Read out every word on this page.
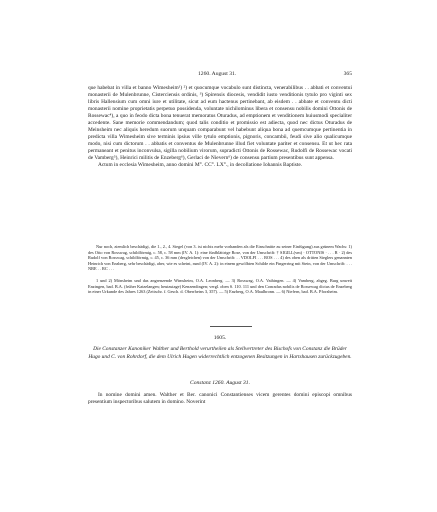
1260. August 31.	365

que habebat in villa et banno Wimesheim¹) ²) et quocumque vocabulo sunt distincta, venerabilibus . . abbati et conventui monasterii de Mulenbrunne, Cisterciensis ordinis, ³) Spirensis diocesis, vendidit iusto venditionis tytulo pro viginti sex libris Hallensium cum omni iure et utilitate, sicut ad eum hactenus pertinebant, ab eisdem . . abbate et conventu dicti monasterii nomine proprietatis perpetuo possidenda, voluntate nichilominus libera et consensu nobilis domini Ottonis de Rossewac⁴), a quo in feodo dicta bona tenuerat memoratus Oturadus, ad emptionem et venditionem huiusmodi specialiter accedente. Sane memorie commendandum; quod talis conditio et promissio est adiecta, quod nec dictus Oturadus de Meinsheim nec aliquis heredum suorum unquam comparabunt vel habebunt aliqua bona ad quemcumque pertinentia in predicta villa Wimesheim sive terminis ipsius ville tytulo emptionis, pignoris, concambii, feudi sive alio qualicumque modo, nisi cum dictorum . . abbatis et conventus de Mulenbrunne illud fiet voluntate pariter et consensu. Et ut hec rata permaneant et penitus inconvulsa, sigilla nobilium virorum, supradicti Ottonis de Rossewac, Rudolfi de Rossewac vocati de Vamberg⁵), Heinrici militis de Enzeberg⁶), Gerlaci de Nievern⁶) de consensu partium presentibus sunt appensa.

Actum in ecclesia Wimesheim, anno domini M°. CC°. LX°., in decollatione Iohannis Baptiste.

Nur noch, ziemlich beschädigt, die 1., 2., 4. Siegel (von 3. ist nichts mehr vorhanden als die Einschnitte zu seiner Einfügung) aus grünem Wachs: 1) des Otto von Rosswag, schildförmig, c. 58, c. 58 mm (IV. A. 1): eine fünfblättrige Rose, von der Umschrift: † SIGILL(vm) · OTTONIS · . . . R · 2) des Rudolf von Rosswag, schildförmig, c. 45, c. 36 mm (desgleichen) von der Umschrift: . . VDOLFI . . . ROS . . . 4) des oben als dritten Sieglers genannten Heinrich von Enzberg, sehr beschädigt, aber, wie es scheint, rund (IV. A. 2): in einem gewölbten Schilde ein Fingerring mit Stein, von der Umschrift: . . . NRE . . RC . . .

1 und 2) Mönsheim und das angrenzende Wimsheim, O.A. Leonberg. — 3) Rosswag, O.A. Vaihingen. — 4) Vamberg, abgeg. Burg unweit Enzingen, bad. B.A. (früher Katzelangen; heutzutage) Kenzendingen; vergl. oben S. 110. 111 und den Conradus nobilis de Rossewag dictus de Enzeberg in einer Urkunde des Jahres 1263 (Zeitschr. f. Gesch. d. Oberrheins 3, 357). — 5) Enzberg, O.A. Maulbronn. — 6) Niefern, bad. B.A. Pforzheim.

1605.
Die Constanzer Kanoniker Walther und Berthold verurtheilen als Stellvertreter des Bischofs von Constanz die Brüder Hugo und C. von Rohrdorf, die dem Ulrich Hugen widerrechtlich entzogenen Besitzungen in Hartshausen zurückzugeben.
Constanz 1260. August 31.

In nomine domini amen. Walther et Ber. canonici Constantienses vicem gerentes domini episcopi omnibus presentium inspectoribus salutem in domino. Noverint
